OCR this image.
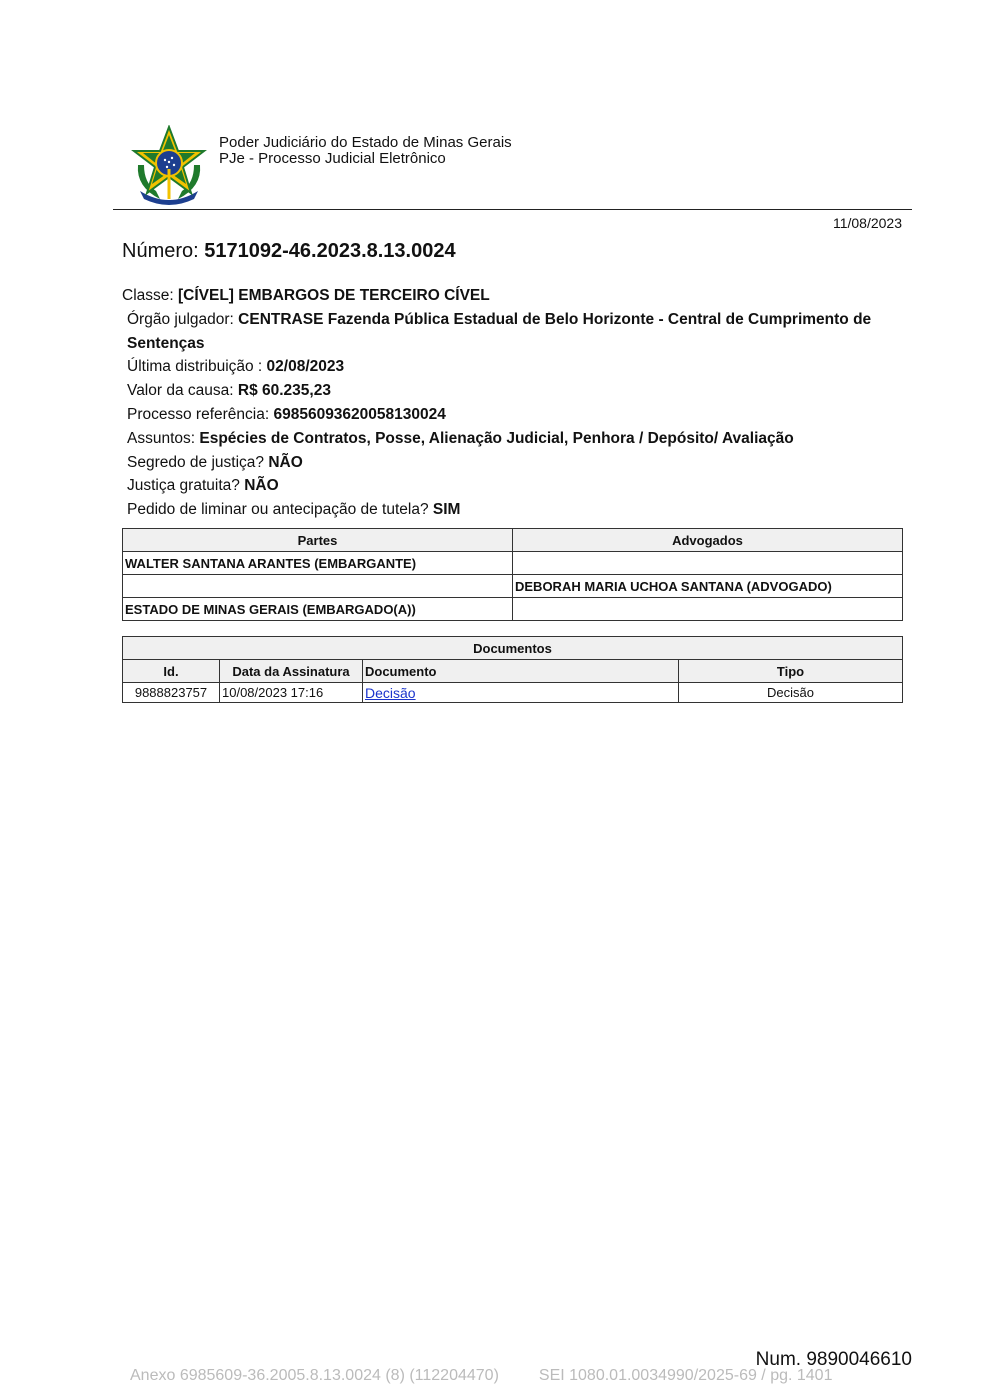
Poder Judiciário do Estado de Minas Gerais
PJe - Processo Judicial Eletrônico
11/08/2023
Número: 5171092-46.2023.8.13.0024
Classe: [CÍVEL] EMBARGOS DE TERCEIRO CÍVEL
Órgão julgador: CENTRASE Fazenda Pública Estadual de Belo Horizonte - Central de Cumprimento de Sentenças
Última distribuição : 02/08/2023
Valor da causa: R$ 60.235,23
Processo referência: 69856093620058130024
Assuntos: Espécies de Contratos, Posse, Alienação Judicial, Penhora / Depósito/ Avaliação
Segredo de justiça? NÃO
Justiça gratuita? NÃO
Pedido de liminar ou antecipação de tutela? SIM
Partes	Advogados
WALTER SANTANA ARANTES (EMBARGANTE)	
	DEBORAH MARIA UCHOA SANTANA (ADVOGADO)
ESTADO DE MINAS GERAIS (EMBARGADO(A))	
Documentos			
Id.	Data da Assinatura	Documento	Tipo
9888823757	10/08/2023 17:16	Decisão	Decisão
Num. 9890046610
Anexo 6985609-36.2005.8.13.0024 (8) (112204470)	SEI 1080.01.0034990/2025-69 / pg. 1401
